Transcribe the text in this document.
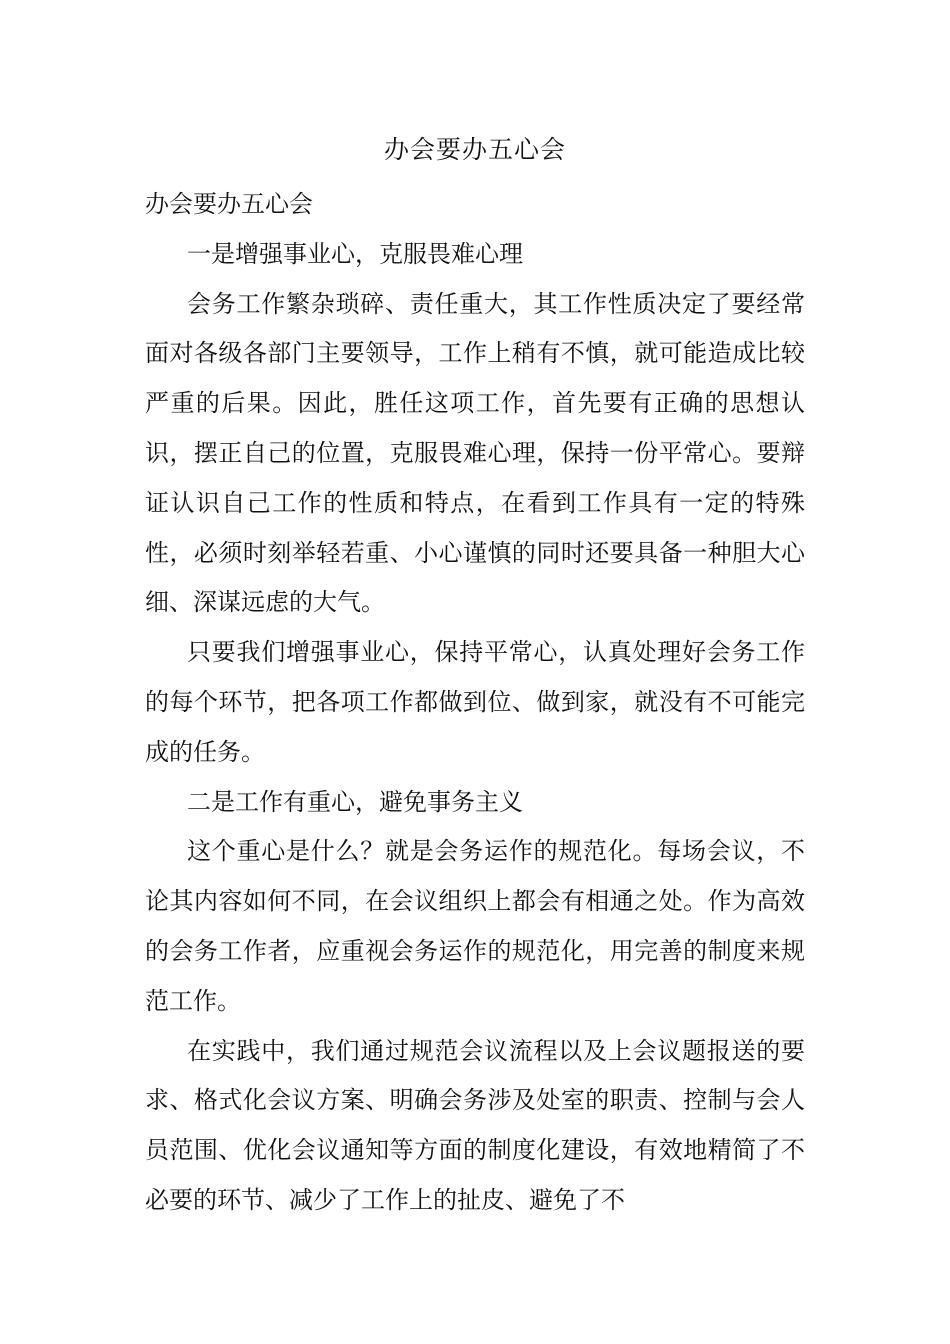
办会要办五心会

办会要办五心会

一是增强事业心，克服畏难心理

会务工作繁杂琐碎、责任重大，其工作性质决定了要经常面对各级各部门主要领导，工作上稍有不慎，就可能造成比较严重的后果。因此，胜任这项工作，首先要有正确的思想认识，摆正自己的位置，克服畏难心理，保持一份平常心。要辩证认识自己工作的性质和特点，在看到工作具有一定的特殊性，必须时刻举轻若重、小心谨慎的同时还要具备一种胆大心细、深谋远虑的大气。

只要我们增强事业心，保持平常心，认真处理好会务工作的每个环节，把各项工作都做到位、做到家，就没有不可能完成的任务。

二是工作有重心，避免事务主义

这个重心是什么？就是会务运作的规范化。每场会议，不论其内容如何不同，在会议组织上都会有相通之处。作为高效的会务工作者，应重视会务运作的规范化，用完善的制度来规范工作。

在实践中，我们通过规范会议流程以及上会议题报送的要求、格式化会议方案、明确会务涉及处室的职责、控制与会人员范围、优化会议通知等方面的制度化建设，有效地精简了不必要的环节、减少了工作上的扯皮、避免了不
